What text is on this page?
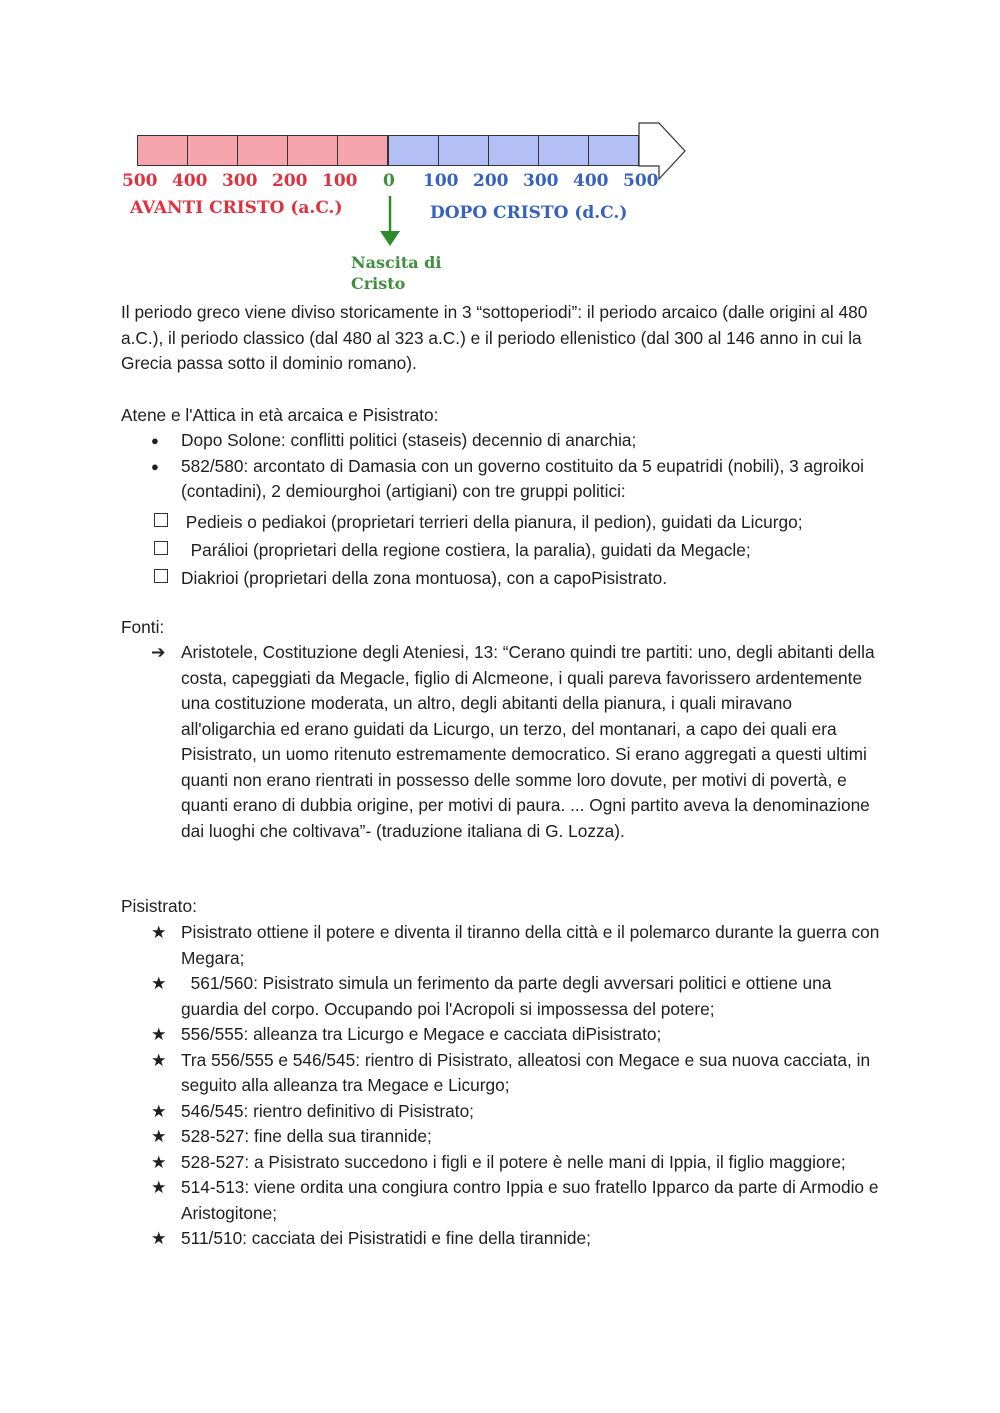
500 400 300 200 100 0 100 200 300 400 500
AVANTI CRISTO (a.C.)	DOPO CRISTO (d.C.)
Nascita di
Cristo

Il periodo greco viene diviso storicamente in 3 “sottoperiodi”: il periodo arcaico (dalle origini al 480 a.C.), il periodo classico (dal 480 al 323 a.C.) e il periodo ellenistico (dal 300 al 146 anno in cui la Grecia passa sotto il dominio romano).

Atene e l'Attica in età arcaica e Pisistrato:
●	Dopo Solone: conflitti politici (staseis) decennio di anarchia;
●	582/580: arcontato di Damasia con un governo costituito da 5 eupatridi (nobili), 3 agroikoi (contadini), 2 demiourghoi (artigiani) con tre gruppi politici:
Pedieis o pediakoi (proprietari terrieri della pianura, il pedion), guidati da Licurgo;
Parálioi (proprietari della regione costiera, la paralia), guidati da Megacle;
Diakrioi (proprietari della zona montuosa), con a capoPisistrato.
Fonti:
➔ Aristotele, Costituzione degli Ateniesi, 13: “Cerano quindi tre partiti: uno, degli abitanti della costa, capeggiati da Megacle, figlio di Alcmeone, i quali pareva favorissero ardentemente una costituzione moderata, un altro, degli abitanti della pianura, i quali miravano all'oligarchia ed erano guidati da Licurgo, un terzo, del montanari, a capo dei quali era Pisistrato, un uomo ritenuto estremamente democratico. Si erano aggregati a questi ultimi quanti non erano rientrati in possesso delle somme loro dovute, per motivi di povertà, e quanti erano di dubbia origine, per motivi di paura. ... Ogni partito aveva la denominazione dai luoghi che coltivava”- (traduzione italiana di G. Lozza).
Pisistrato:
★ Pisistrato ottiene il potere e diventa il tiranno della città e il polemarco durante la guerra con Megara;
★ 561/560: Pisistrato simula un ferimento da parte degli avversari politici e ottiene una guardia del corpo. Occupando poi l'Acropoli si impossessa del potere;
★ 556/555: alleanza tra Licurgo e Megace e cacciata diPisistrato;
★ Tra 556/555 e 546/545: rientro di Pisistrato, alleatosi con Megace e sua nuova cacciata, in seguito alla alleanza tra Megace e Licurgo;
★ 546/545: rientro definitivo di Pisistrato;
★ 528-527: fine della sua tirannide;
★ 528-527: a Pisistrato succedono i figli e il potere è nelle mani di Ippia, il figlio maggiore;
★ 514-513: viene ordita una congiura contro Ippia e suo fratello Ipparco da parte di Armodio e Aristogitone;
★ 511/510: cacciata dei Pisistratidi e fine della tirannide;
